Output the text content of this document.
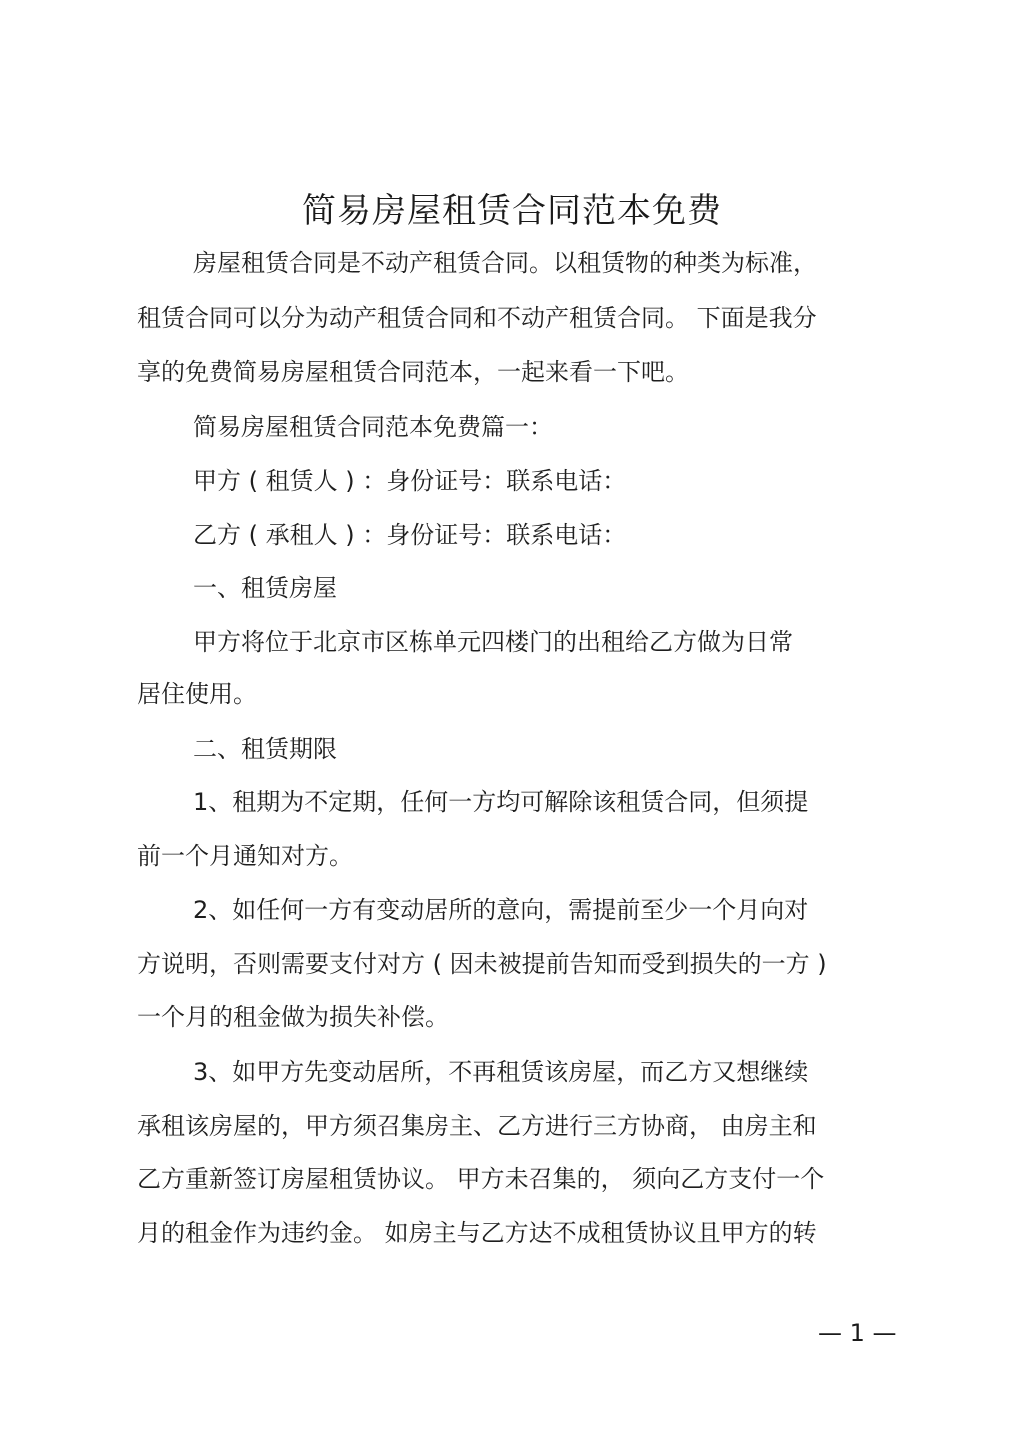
简易房屋租赁合同范本免费
房屋租赁合同是不动产租赁合同。以租赁物的种类为标准，
租赁合同可以分为动产租赁合同和不动产租赁合同。 下面是我分
享的免费简易房屋租赁合同范本，一起来看一下吧。
简易房屋租赁合同范本免费篇一：
甲方 ( 租赁人 ) ：身份证号：联系电话：
乙方 ( 承租人 ) ：身份证号：联系电话：
一、租赁房屋
甲方将位于北京市区栋单元四楼门的出租给乙方做为日常
居住使用。
二、租赁期限
1、租期为不定期，任何一方均可解除该租赁合同，但须提
前一个月通知对方。
2、如任何一方有变动居所的意向，需提前至少一个月向对
方说明，否则需要支付对方 ( 因未被提前告知而受到损失的一方 )
一个月的租金做为损失补偿。
3、如甲方先变动居所，不再租赁该房屋，而乙方又想继续
承租该房屋的，甲方须召集房主、乙方进行三方协商， 由房主和
乙方重新签订房屋租赁协议。 甲方未召集的， 须向乙方支付一个
月的租金作为违约金。 如房主与乙方达不成租赁协议且甲方的转
— 1 —
